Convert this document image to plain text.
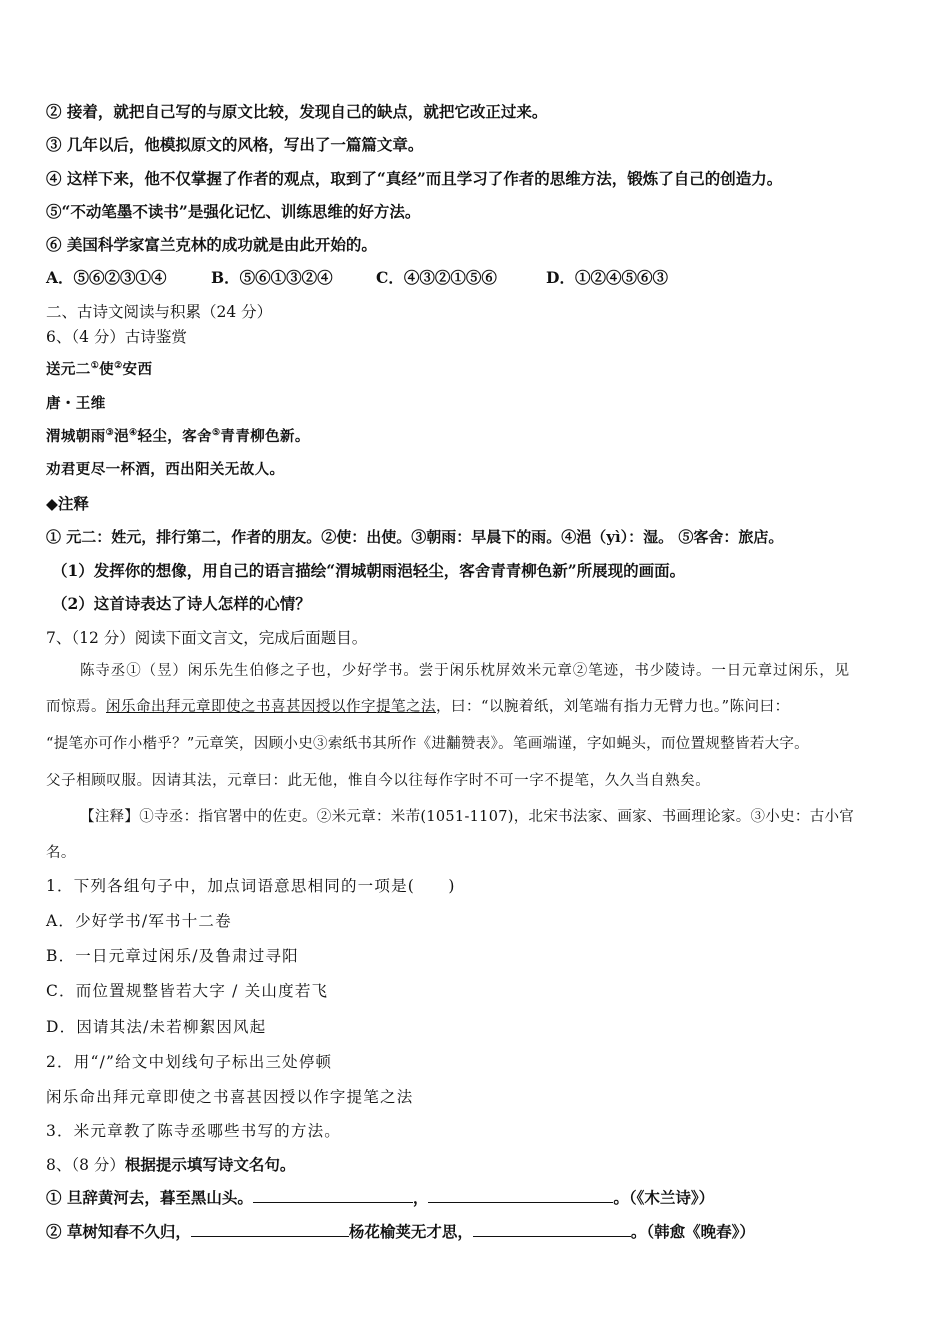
② 接着，就把自己写的与原文比较，发现自己的缺点，就把它改正过来。
③ 几年以后，他模拟原文的风格，写出了一篇篇文章。
④ 这样下来，他不仅掌握了作者的观点，取到了“真经”而且学习了作者的思维方法，锻炼了自己的创造力。
⑤“不动笔墨不读书”是强化记忆、训练思维的好方法。
⑥ 美国科学家富兰克林的成功就是由此开始的。
A．⑤⑥②③①④	B．⑤⑥①③②④	C．④③②①⑤⑥	D．①②④⑤⑥③
二、古诗文阅读与积累（24 分）
6、（4 分）古诗鉴赏
送元二①使②安西
唐・王维
渭城朝雨③浥④轻尘，客舍⑤青青柳色新。
劝君更尽一杯酒，西出阳关无故人。
◆注释
① 元二：姓元，排行第二，作者的朋友。②使：出使。③朝雨：早晨下的雨。④浥（yì）：湿。 ⑤客舍：旅店。
（1）发挥你的想像，用自己的语言描绘“渭城朝雨浥轻尘，客舍青青柳色新”所展现的画面。
（2）这首诗表达了诗人怎样的心情？
7、（12 分）阅读下面文言文，完成后面题目。
陈寺丞①（昱）闲乐先生伯修之子也，少好学书。尝于闲乐枕屏效米元章②笔迹，书少陵诗。一日元章过闲乐，见
而惊焉。闲乐命出拜元章即使之书喜甚因授以作字提笔之法，曰：“以腕着纸，刘笔端有指力无臂力也。”陈问曰：
“提笔亦可作小楷乎？”元章笑，因顾小史③索纸书其所作《进黼赞表》。笔画端谨，字如蝇头，而位置规整皆若大字。
父子相顾叹服。因请其法，元章曰：此无他，惟自今以往每作字时不可一字不提笔，久久当自熟矣。
【注释】①寺丞：指官署中的佐吏。②米元章：米芾(1051-1107)，北宋书法家、画家、书画理论家。③小史：古小官
名。
1．下列各组句子中，加点词语意思相同的一项是(　　)
A．少好学书/军书十二卷
B．一日元章过闲乐/及鲁肃过寻阳
C．而位置规整皆若大字 / 关山度若飞
D．因请其法/未若柳絮因风起
2．用“/”给文中划线句子标出三处停顿
闲乐命出拜元章即使之书喜甚因授以作字提笔之法
3．米元章教了陈寺丞哪些书写的方法。
8、（8 分）根据提示填写诗文名句。
① 旦辞黄河去，暮至黑山头。	，	。（《木兰诗》）
② 草树知春不久归，	杨花榆荚无才思，	。（韩愈《晚春》）
